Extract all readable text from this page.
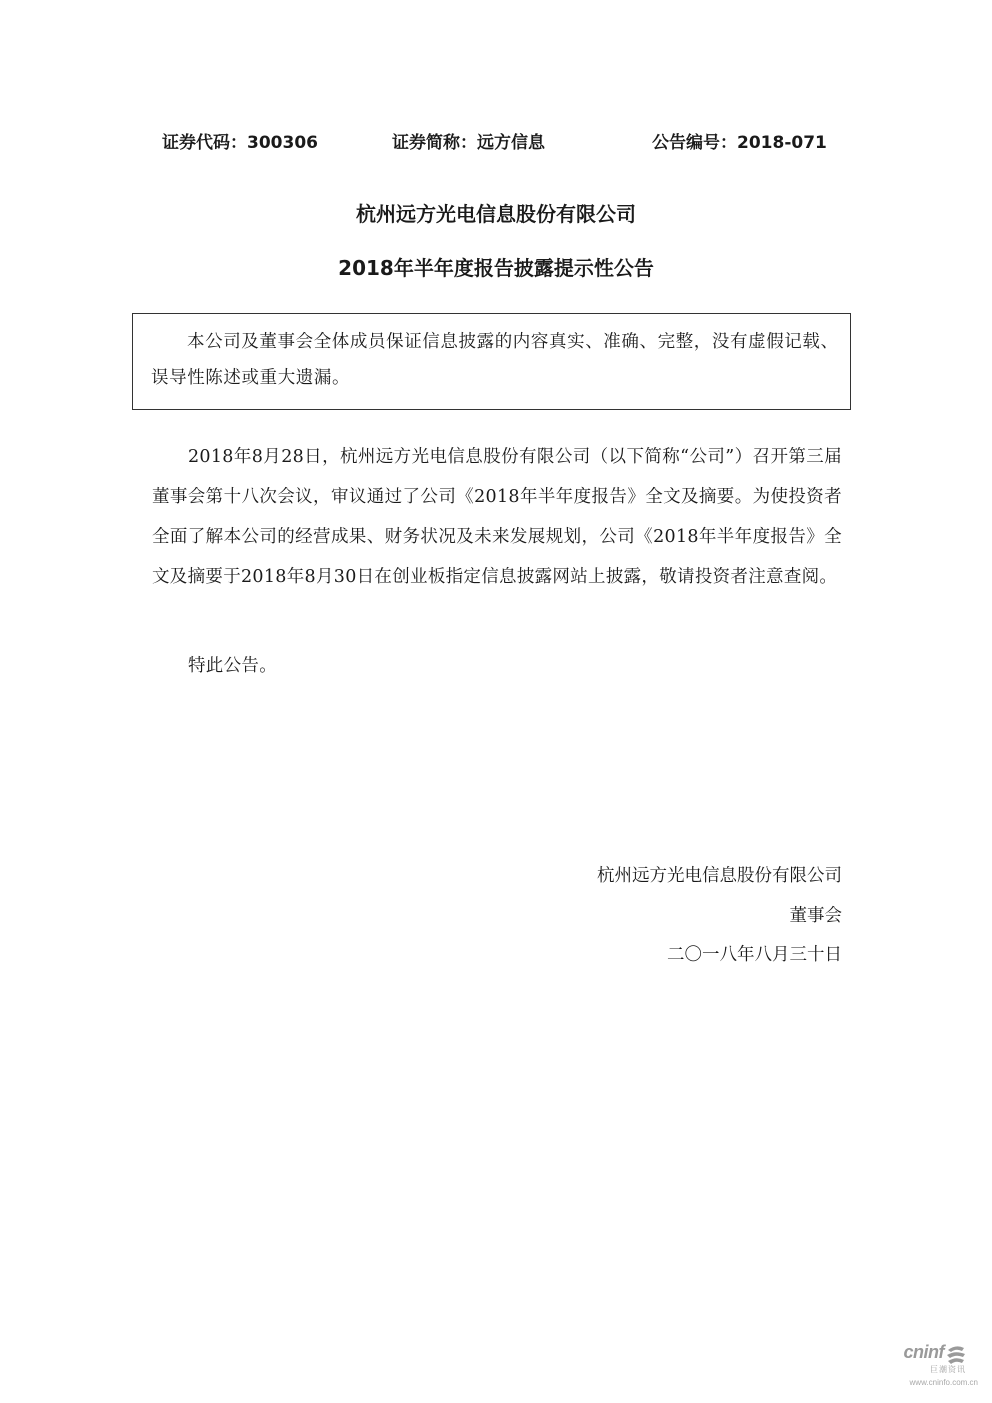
证券代码：300306	证券简称：远方信息	公告编号：2018-071
杭州远方光电信息股份有限公司
2018年半年度报告披露提示性公告
本公司及董事会全体成员保证信息披露的内容真实、准确、完整，没有虚假记载、误导性陈述或重大遗漏。
2018年8月28日，杭州远方光电信息股份有限公司（以下简称“公司”）召开第三届董事会第十八次会议，审议通过了公司《2018年半年度报告》全文及摘要。为使投资者全面了解本公司的经营成果、财务状况及未来发展规划，公司《2018年半年度报告》全文及摘要于2018年8月30日在创业板指定信息披露网站上披露，敬请投资者注意查阅。
特此公告。
杭州远方光电信息股份有限公司
董事会
二〇一八年八月三十日
cninf
巨潮资讯
www.cninfo.com.cn
